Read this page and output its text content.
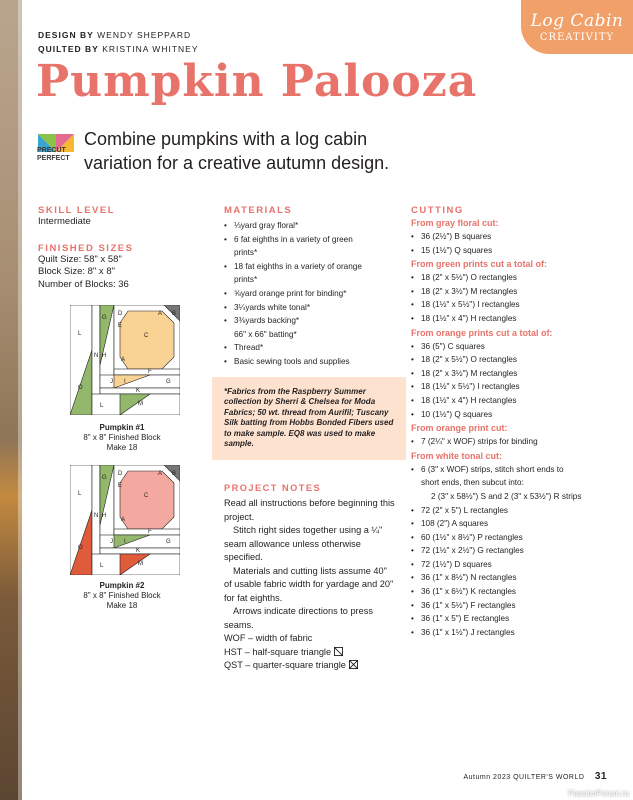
Log Cabin
CREATIVITY
DESIGN BY WENDY SHEPPARD
QUILTED BY KRISTINA WHITNEY
Pumpkin Palooza
PRECUT
PERFECT
Combine pumpkins with a log cabin variation for a creative autumn design.

SKILL LEVEL

Intermediate

FINISHED SIZES

Quilt Size: 58" x 58"
Block Size: 8" x 8"
Number of Blocks: 36
L
N H
G
D
E
C
B
A
A
F
J I	G
K
O
M
L
Pumpkin #1
8" x 8" Finished Block
Make 18
L
N H
G
D
E
C
B
A
A
F
J I	G
K
O
M
L
Pumpkin #2
8" x 8" Finished Block
Make 18

MATERIALS

• ⅓yard gray floral*
• 6 fat eighths in a variety of green
prints*
• 18 fat eighths in a variety of orange
prints*
• ⅝yard orange print for binding*
• 3¼yards white tonal*
• 3⅜yards backing*
66" x 66" batting*
• Thread*
• Basic sewing tools and supplies
*Fabrics from the Raspberry Summer collection by Sherri & Chelsea for Moda Fabrics; 50 wt. thread from Aurifil; Tuscany Silk batting from Hobbs Bonded Fibers used to make sample. EQ8 was used to make sample.

PROJECT NOTES

Read all instructions before beginning this project.

Stitch right sides together using a ¼" seam allowance unless otherwise specified.

Materials and cutting lists assume 40" of usable fabric width for yardage and 20" for fat eighths.

Arrows indicate directions to press seams.

WOF – width of fabric

HST – half-square triangle

QST – quarter-square triangle

CUTTING

From gray floral cut:

• 36 (2½") B squares
• 15 (1½") Q squares

From green prints cut a total of:

• 18 (2" x 5½") O rectangles
• 18 (2" x 3½") M rectangles
• 18 (1½" x 5½") I rectangles
• 18 (1½" x 4") H rectangles

From orange prints cut a total of:

• 36 (5") C squares
• 18 (2" x 5½") O rectangles
• 18 (2" x 3½") M rectangles
• 18 (1½" x 5½") I rectangles
• 18 (1½" x 4") H rectangles
• 10 (1½") Q squares

From orange print cut:

• 7 (2¼" x WOF) strips for binding

From white tonal cut:

• 6 (3" x WOF) strips, stitch short ends to
short ends, then subcut into:
2 (3" x 58½") S and 2 (3" x 53½") R strips
• 72 (2" x 5") L rectangles
• 108 (2") A squares
• 60 (1½" x 8½") P rectangles
• 72 (1½" x 2½") G rectangles
• 72 (1½") D squares
• 36 (1" x 8½") N rectangles
• 36 (1" x 6½") K rectangles
• 36 (1" x 5½") F rectangles
• 36 (1" x 5") E rectangles
• 36 (1" x 1½") J rectangles
Autumn 2023 QUILTER'S WORLD 31
PassionForum.ru
